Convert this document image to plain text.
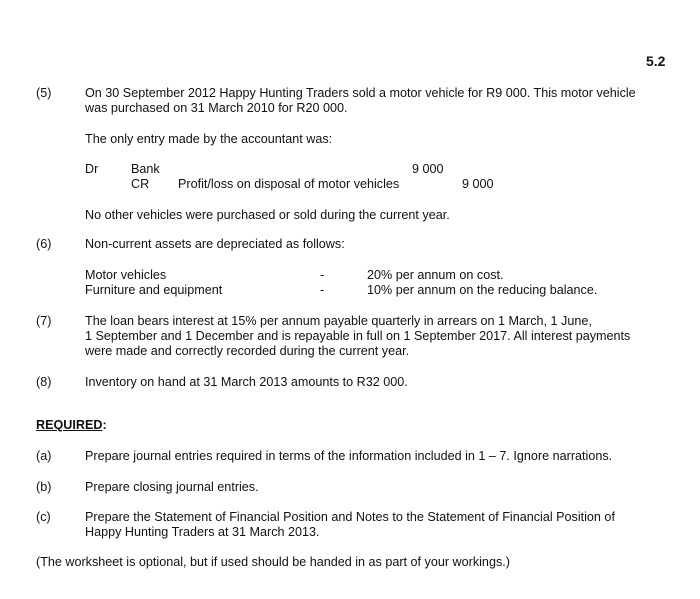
5.2
(5)	On 30 September 2012 Happy Hunting Traders sold a motor vehicle for R9 000. This motor vehicle
was purchased on 31 March 2010 for R20 000.
The only entry made by the accountant was:
Dr	Bank	9 000
CR Profit/loss on disposal of motor vehicles	9 000
No other vehicles were purchased or sold during the current year.
(6)	Non-current assets are depreciated as follows:
Motor vehicles	-	20% per annum on cost.
Furniture and equipment	-	10% per annum on the reducing balance.
(7)	The loan bears interest at 15% per annum payable quarterly in arrears on 1 March, 1 June,
1 September and 1 December and is repayable in full on 1 September 2017. All interest payments
were made and correctly recorded during the current year.
(8)	Inventory on hand at 31 March 2013 amounts to R32 000.
REQUIRED:
(a)	Prepare journal entries required in terms of the information included in 1 – 7. Ignore narrations.
(b)	Prepare closing journal entries.
(c)	Prepare the Statement of Financial Position and Notes to the Statement of Financial Position of
Happy Hunting Traders at 31 March 2013.
(The worksheet is optional, but if used should be handed in as part of your workings.)
